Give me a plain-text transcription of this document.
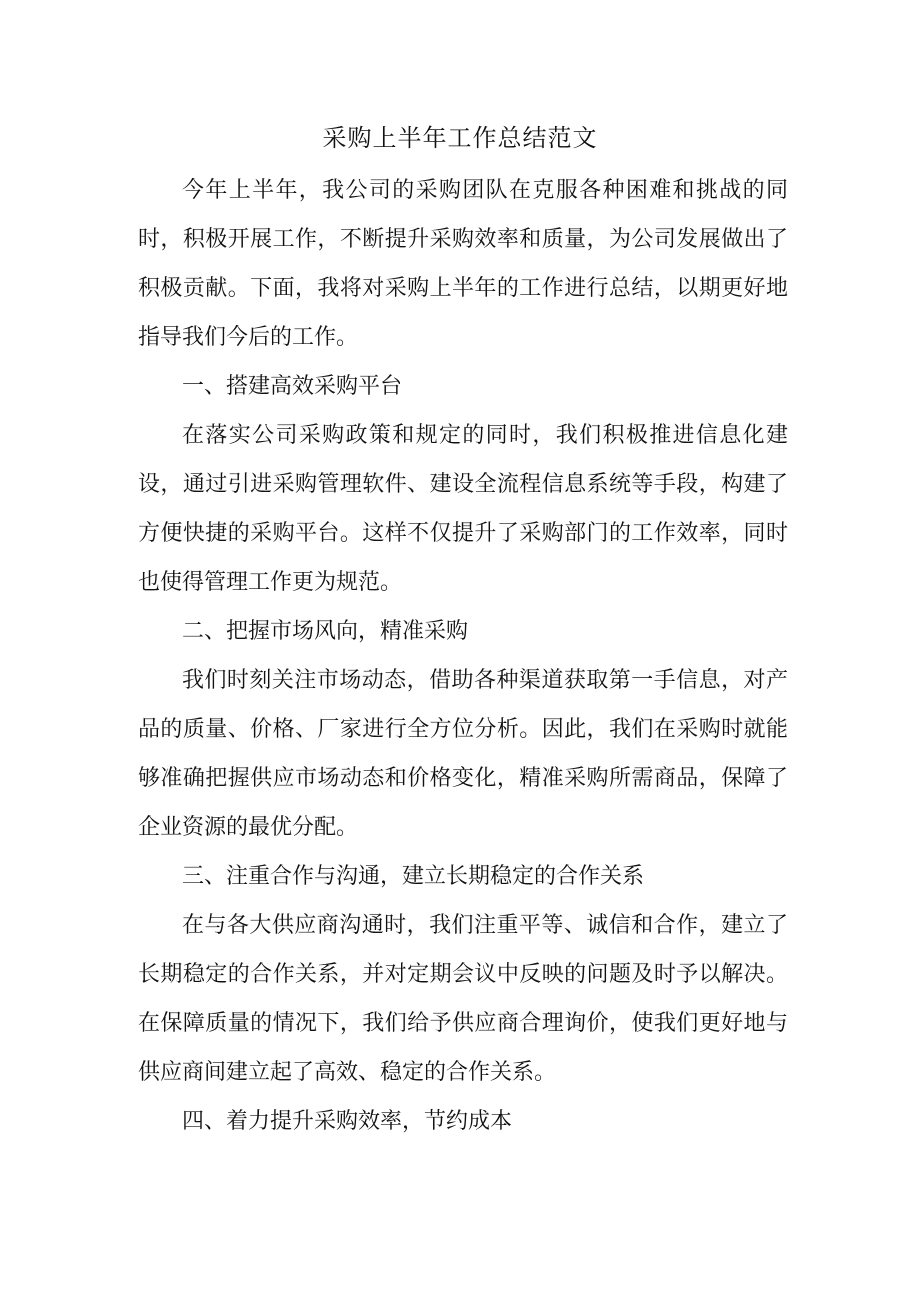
采购上半年工作总结范文

今年上半年，我公司的采购团队在克服各种困难和挑战的同时，积极开展工作，不断提升采购效率和质量，为公司发展做出了积极贡献。下面，我将对采购上半年的工作进行总结，以期更好地指导我们今后的工作。

一、搭建高效采购平台

在落实公司采购政策和规定的同时，我们积极推进信息化建设，通过引进采购管理软件、建设全流程信息系统等手段，构建了方便快捷的采购平台。这样不仅提升了采购部门的工作效率，同时也使得管理工作更为规范。

二、把握市场风向，精准采购

我们时刻关注市场动态，借助各种渠道获取第一手信息，对产品的质量、价格、厂家进行全方位分析。因此，我们在采购时就能够准确把握供应市场动态和价格变化，精准采购所需商品，保障了企业资源的最优分配。

三、注重合作与沟通，建立长期稳定的合作关系

在与各大供应商沟通时，我们注重平等、诚信和合作，建立了长期稳定的合作关系，并对定期会议中反映的问题及时予以解决。在保障质量的情况下，我们给予供应商合理询价，使我们更好地与供应商间建立起了高效、稳定的合作关系。

四、着力提升采购效率，节约成本
